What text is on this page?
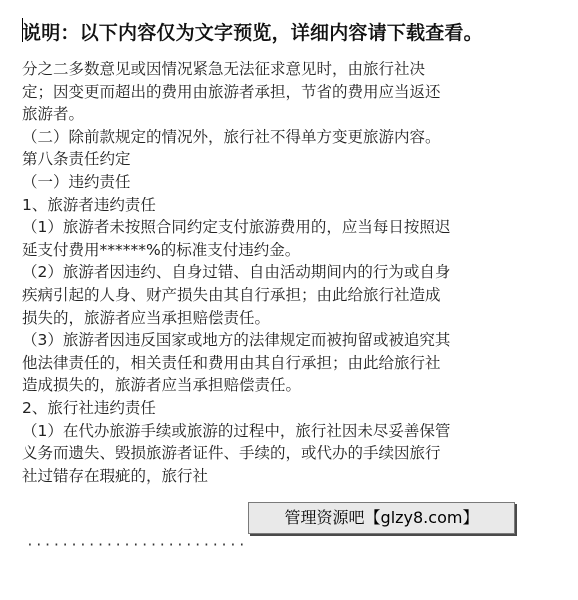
说明：以下内容仅为文字预览，详细内容请下载查看。
分之二多数意见或因情况紧急无法征求意见时，由旅行社决
定；因变更而超出的费用由旅游者承担，节省的费用应当返还
旅游者。
（二）除前款规定的情况外，旅行社不得单方变更旅游内容。
第八条责任约定
（一）违约责任
1、旅游者违约责任
（1）旅游者未按照合同约定支付旅游费用的，应当每日按照迟
延支付费用******%的标准支付违约金。
（2）旅游者因违约、自身过错、自由活动期间内的行为或自身
疾病引起的人身、财产损失由其自行承担；由此给旅行社造成
损失的，旅游者应当承担赔偿责任。
（3）旅游者因违反国家或地方的法律规定而被拘留或被追究其
他法律责任的，相关责任和费用由其自行承担；由此给旅行社
造成损失的，旅游者应当承担赔偿责任。
2、旅行社违约责任
（1）在代办旅游手续或旅游的过程中，旅行社因未尽妥善保管
义务而遗失、毁损旅游者证件、手续的，或代办的手续因旅行
社过错存在瑕疵的，旅行社
管理资源吧【glzy8.com】
·························
